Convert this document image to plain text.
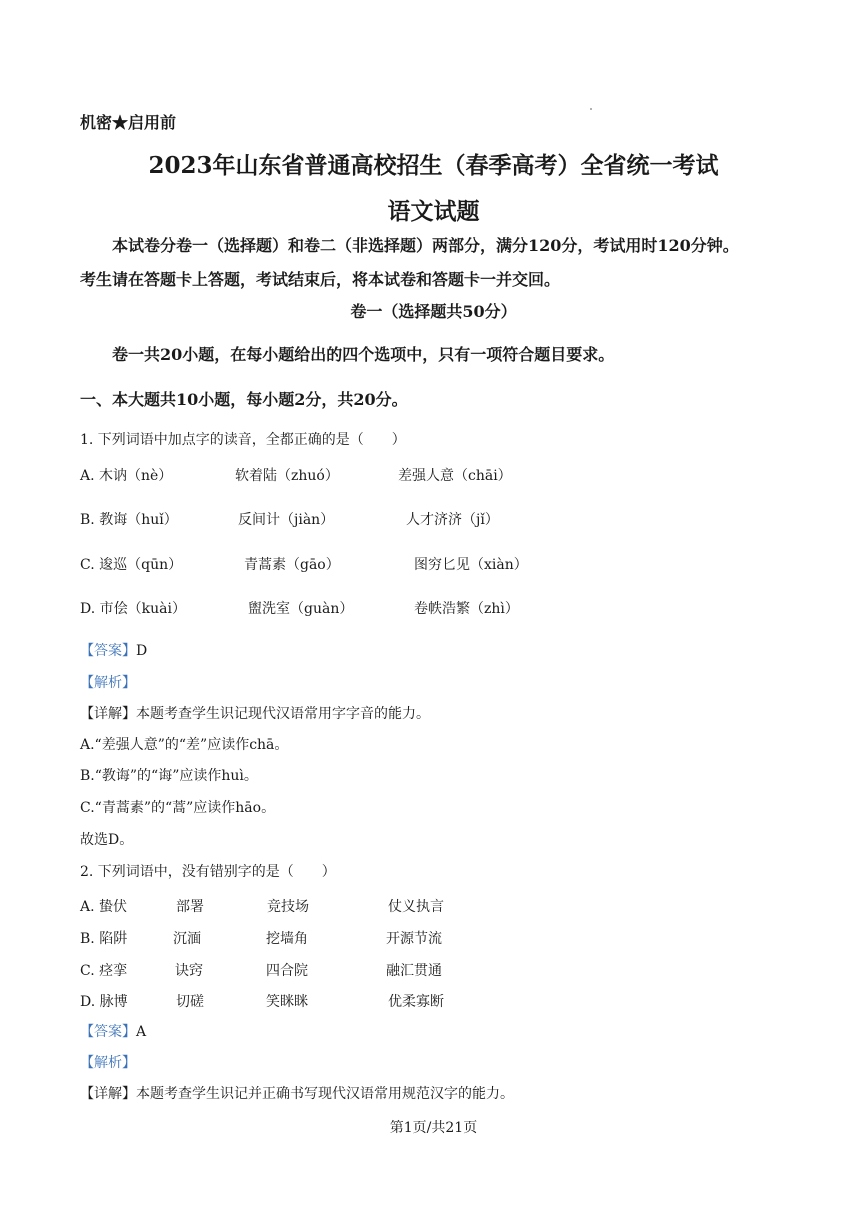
机密★启用前
2023年山东省普通高校招生（春季高考）全省统一考试
语文试题
本试卷分卷一（选择题）和卷二（非选择题）两部分，满分120分，考试用时120分钟。
考生请在答题卡上答题，考试结束后，将本试卷和答题卡一并交回。
卷一（选择题共50分）
卷一共20小题，在每小题给出的四个选项中，只有一项符合题目要求。
一、本大题共10小题，每小题2分，共20分。
1. 下列词语中加点字的读音，全都正确的是（　　）
A. 木讷（nè）	软着陆（zhuó）	差强人意（chāi）
B. 教诲（huǐ）	反间计（jiàn）	人才济济（jǐ）
C. 逡巡（qūn）	青蒿素（gāo）	图穷匕见（xiàn）
D. 市侩（kuài）	盥洗室（guàn）	卷帙浩繁（zhì）
【答案】D
【解析】
【详解】本题考查学生识记现代汉语常用字字音的能力。
A.“差强人意”的“差”应读作chā。
B.“教诲”的“诲”应读作huì。
C.“青蒿素”的“蒿”应读作hāo。
故选D。
2. 下列词语中，没有错别字的是（　　）
A. 蛰伏	部署	竞技场	仗义执言
B. 陷阱	沉湎	挖墙角	开源节流
C. 痉挛	诀窍	四合院	融汇贯通
D. 脉博	切磋	笑眯眯	优柔寡断
【答案】A
【解析】
【详解】本题考查学生识记并正确书写现代汉语常用规范汉字的能力。
第1页/共21页
